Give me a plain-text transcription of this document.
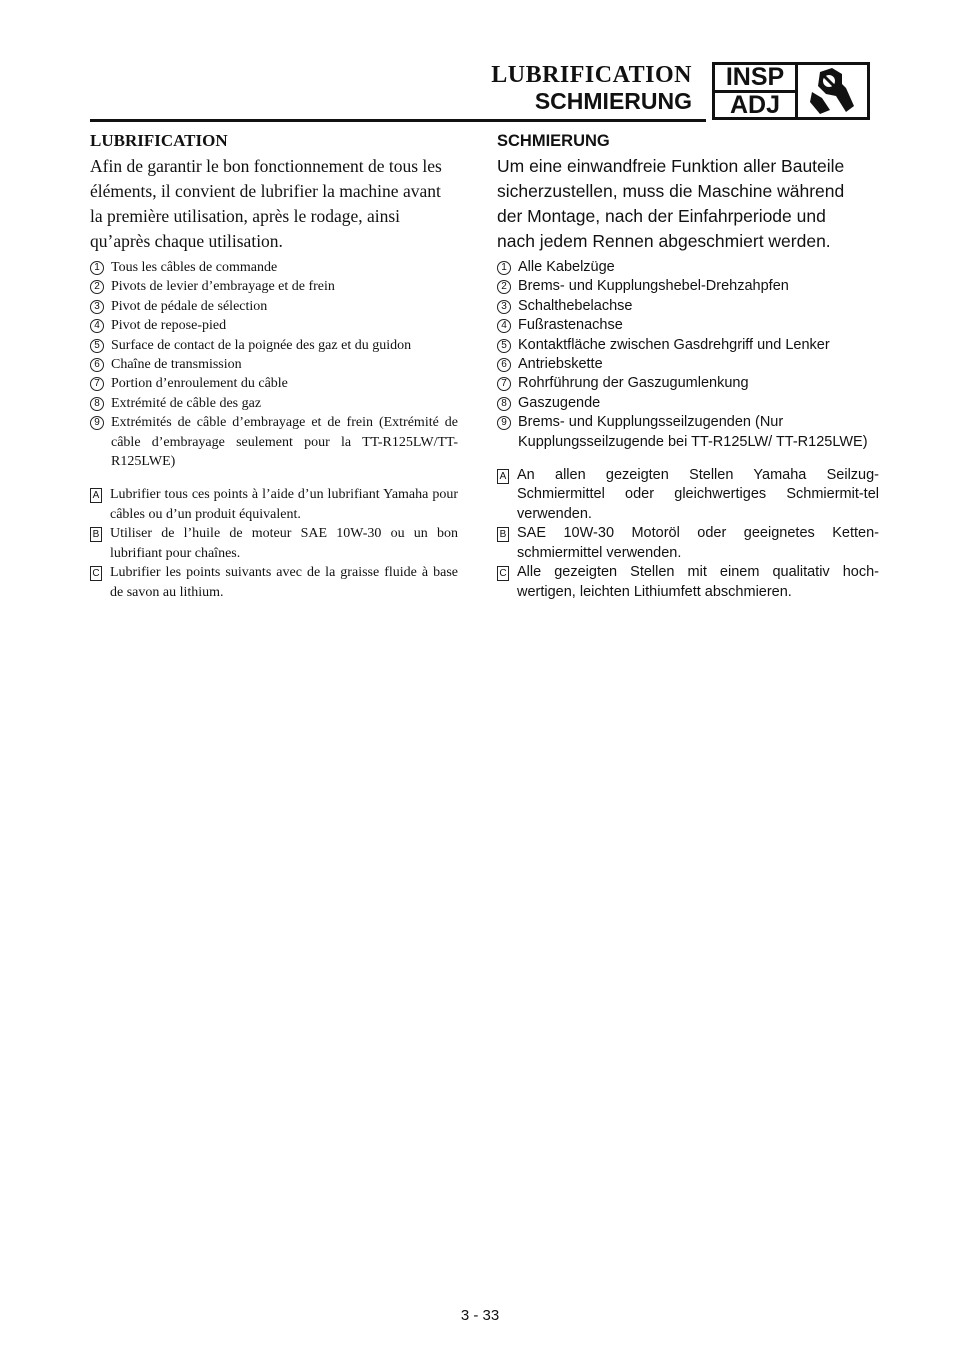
LUBRIFICATION
SCHMIERUNG
INSP
ADJ

LUBRIFICATION

Afin de garantir le bon fonctionnement de tous les
éléments, il convient de lubrifier la machine avant
la première utilisation, après le rodage, ainsi
qu’après chaque utilisation.
1 Tous les câbles de commande
2 Pivots de levier d’embrayage et de frein
3 Pivot de pédale de sélection
4 Pivot de repose-pied
5 Surface de contact de la poignée des gaz et du guidon
6 Chaîne de transmission
7 Portion d’enroulement du câble
8 Extrémité de câble des gaz
9 Extrémités de câble d’embrayage et de frein (Extrémité de câble d’embrayage seulement pour la TT-R125LW/TT-R125LWE)
A Lubrifier tous ces points à l’aide d’un lubrifiant Yamaha pour câbles ou d’un produit équivalent.
B Utiliser de l’huile de moteur SAE 10W-30 ou un bon lubrifiant pour chaînes.
C Lubrifier les points suivants avec de la graisse fluide à base de savon au lithium.

SCHMIERUNG

Um eine einwandfreie Funktion aller Bauteile
sicherzustellen, muss die Maschine während
der Montage, nach der Einfahrperiode und
nach jedem Rennen abgeschmiert werden.
1 Alle Kabelzüge
2 Brems- und Kupplungshebel-Drehzahpfen
3 Schalthebelachse
4 Fußrastenachse
5 Kontaktfläche zwischen Gasdrehgriff und Lenker
6 Antriebskette
7 Rohrführung der Gaszugumlenkung
8 Gaszugende
9 Brems- und Kupplungsseilzugenden (Nur Kupplungsseilzugende bei TT-R125LW/ TT-R125LWE)
A An allen gezeigten Stellen Yamaha Seilzug-Schmiermittel oder gleichwertiges Schmiermit-tel verwenden.
B SAE 10W-30 Motoröl oder geeignetes Ketten-schmiermittel verwenden.
C Alle gezeigten Stellen mit einem qualitativ hoch-wertigen, leichten Lithiumfett abschmieren.
3 - 33
